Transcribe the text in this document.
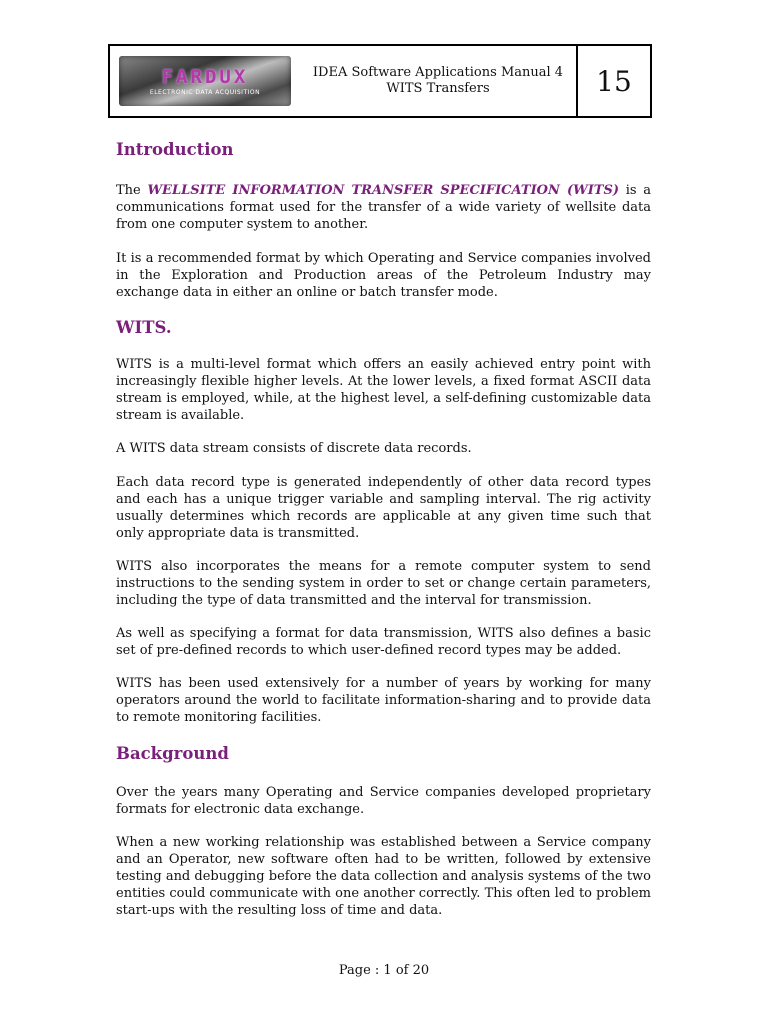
FARDUX
ELECTRONIC DATA ACQUISITION
IDEA Software Applications Manual 4
WITS Transfers	15
Introduction

The WELLSITE INFORMATION TRANSFER SPECIFICATION (WITS) is a communications format used for the transfer of a wide variety of wellsite data from one computer system to another.

It is a recommended format by which Operating and Service companies involved in the Exploration and Production areas of the Petroleum Industry may exchange data in either an online or batch transfer mode.

WITS.

WITS is a multi-level format which offers an easily achieved entry point with increasingly flexible higher levels. At the lower levels, a fixed format ASCII data stream is employed, while, at the highest level, a self-defining customizable data stream is available.

A WITS data stream consists of discrete data records.

Each data record type is generated independently of other data record types and each has a unique trigger variable and sampling interval. The rig activity usually determines which records are applicable at any given time such that only appropriate data is transmitted.

WITS also incorporates the means for a remote computer system to send instructions to the sending system in order to set or change certain parameters, including the type of data transmitted and the interval for transmission.

As well as specifying a format for data transmission, WITS also defines a basic set of pre-defined records to which user-defined record types may be added.

WITS has been used extensively for a number of years by working for many operators around the world to facilitate information-sharing and to provide data to remote monitoring facilities.

Background

Over the years many Operating and Service companies developed proprietary formats for electronic data exchange.

When a new working relationship was established between a Service company and an Operator, new software often had to be written, followed by extensive testing and debugging before the data collection and analysis systems of the two entities could communicate with one another correctly. This often led to problem start-ups with the resulting loss of time and data.

Page : 1 of 20
